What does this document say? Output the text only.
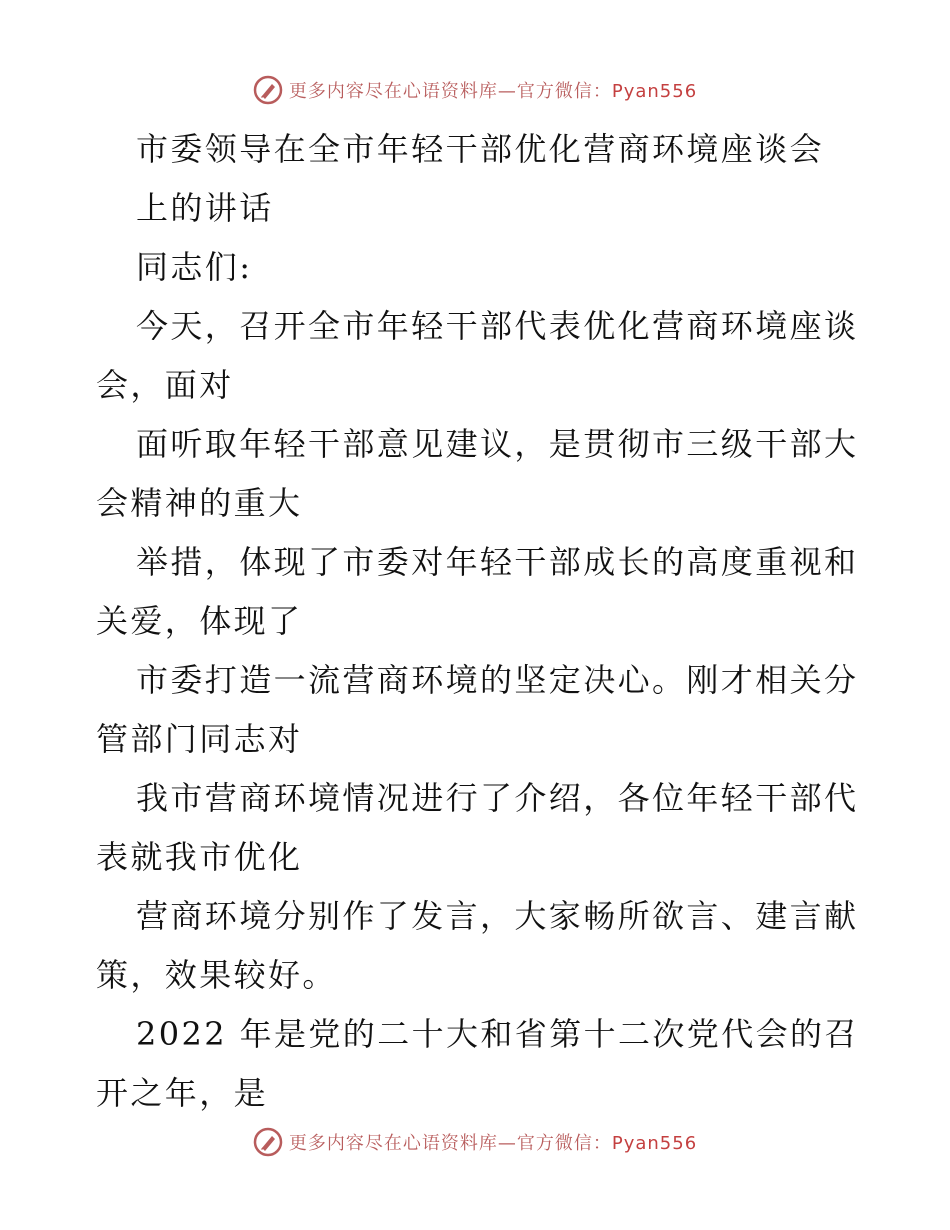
更多内容尽在心语资料库—官方微信：Pyan556
市委领导在全市年轻干部优化营商环境座谈会
上的讲话
同志们:
今天，召开全市年轻干部代表优化营商环境座谈
会，面对
面听取年轻干部意见建议，是贯彻市三级干部大
会精神的重大
举措，体现了市委对年轻干部成长的高度重视和
关爱，体现了
市委打造一流营商环境的坚定决心。刚才相关分
管部门同志对
我市营商环境情况进行了介绍，各位年轻干部代
表就我市优化
营商环境分别作了发言，大家畅所欲言、建言献
策，效果较好。
2022 年是党的二十大和省第十二次党代会的召
开之年，是
更多内容尽在心语资料库—官方微信：Pyan556
